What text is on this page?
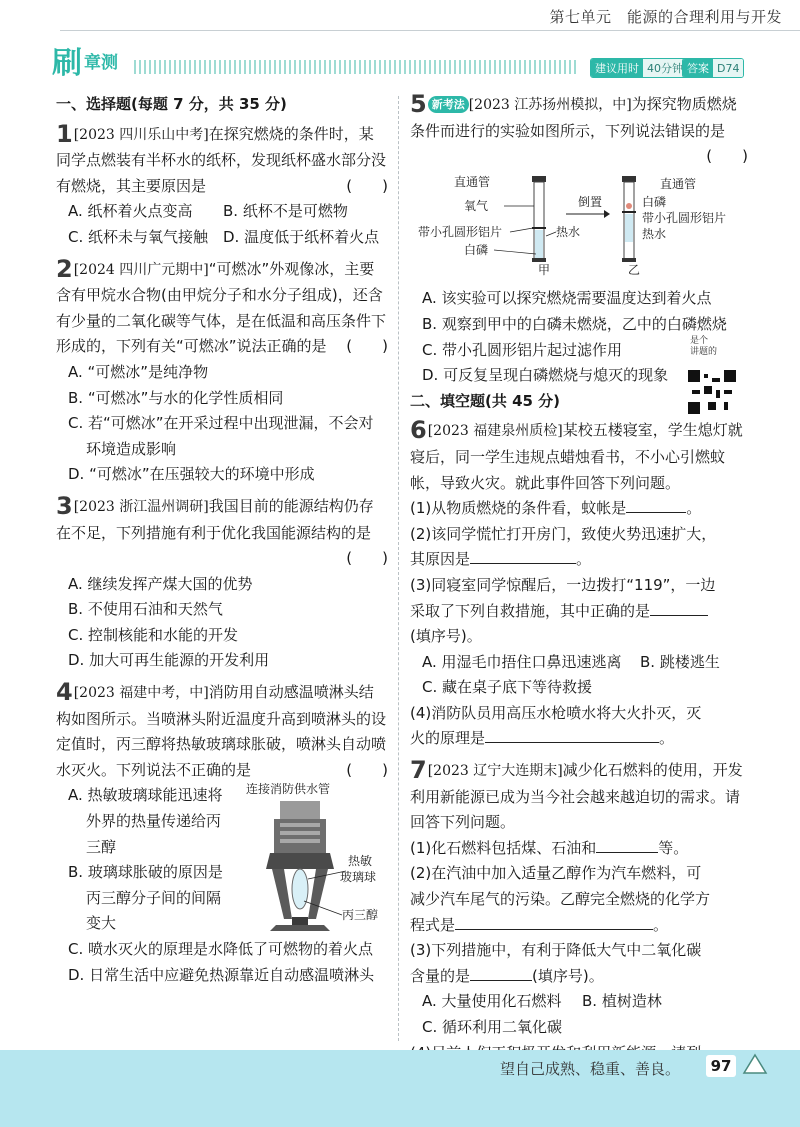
第七单元　能源的合理利用与开发
刷 章测	建议用时 40分钟 答案 D74
一、选择题(每题 7 分，共 35 分)
1 [2023 四川乐山中考]在探究燃烧的条件时，某同学点燃装有半杯水的纸杯，发现纸杯盛水部分没有燃烧，其主要原因是	(　　)
A. 纸杯着火点变高	B. 纸杯不是可燃物
C. 纸杯未与氧气接触 D. 温度低于纸杯着火点
2 [2024 四川广元期中]“可燃冰”外观像冰，主要含有甲烷水合物(由甲烷分子和水分子组成)，还含有少量的二氧化碳等气体，是在低温和高压条件下形成的，下列有关“可燃冰”说法正确的是 (　　)
A. “可燃冰”是纯净物
B. “可燃冰”与水的化学性质相同
C. 若“可燃冰”在开采过程中出现泄漏，不会对
环境造成影响
D. “可燃冰”在压强较大的环境中形成
3 [2023 浙江温州调研]我国目前的能源结构仍存在不足，下列措施有利于优化我国能源结构的是
(　　)
A. 继续发挥产煤大国的优势
B. 不使用石油和天然气
C. 控制核能和水能的开发
D. 加大可再生能源的开发利用
4 [2023 福建中考，中]消防用自动感温喷淋头结构如图所示。当喷淋头附近温度升高到喷淋头的设定值时，丙三醇将热敏玻璃球胀破，喷淋头自动喷水灭火。下列说法不正确的是	(　　)
A. 热敏玻璃球能迅速将
外界的热量传递给丙
三醇
B. 玻璃球胀破的原因是
丙三醇分子间的间隔
变大
连接消防供水管
热敏
玻璃球
丙三醇
C. 喷水灭火的原理是水降低了可燃物的着火点
D. 日常生活中应避免热源靠近自动感温喷淋头
5 新考法 [2023 江苏扬州模拟，中]为探究物质燃烧条件而进行的实验如图所示，下列说法错误的是
(　　)
直通管
氧气
带小孔圆形铝片	热水
白磷
倒置
直通管
白磷
带小孔圆形铝片
热水
甲	乙
A. 该实验可以探究燃烧需要温度达到着火点
B. 观察到甲中的白磷未燃烧，乙中的白磷燃烧
C. 带小孔圆形铝片起过滤作用
D. 可反复呈现白磷燃烧与熄灭的现象
二、填空题(共 45 分)
6 [2023 福建泉州质检]某校五楼寝室，学生熄灯就寝后，同一学生违规点蜡烛看书，不小心引燃蚊帐，导致火灾。就此事件回答下列问题。
(1)从物质燃烧的条件看，蚊帐是	。
(2)该同学慌忙打开房门，致使火势迅速扩大，
其原因是	。
(3)同寝室同学惊醒后，一边拨打“119”，一边
采取了下列自救措施，其中正确的是
(填序号)。
A. 用湿毛巾捂住口鼻迅速逃离	B. 跳楼逃生
C. 藏在桌子底下等待救援
(4)消防队员用高压水枪喷水将大火扑灭，灭
火的原理是	。
7 [2023 辽宁大连期末]减少化石燃料的使用，开发利用新能源已成为当今社会越来越迫切的需求。请回答下列问题。
(1)化石燃料包括煤、石油和	等。
(2)在汽油中加入适量乙醇作为汽车燃料，可
减少汽车尾气的污染。乙醇完全燃烧的化学方
程式是	。
(3)下列措施中，有利于降低大气中二氧化碳
含量的是	(填序号)。
A. 大量使用化石燃料	B. 植树造林
C. 循环利用二氧化碳
是个
讲题的
望自己成熟、稳重、善良。	97
